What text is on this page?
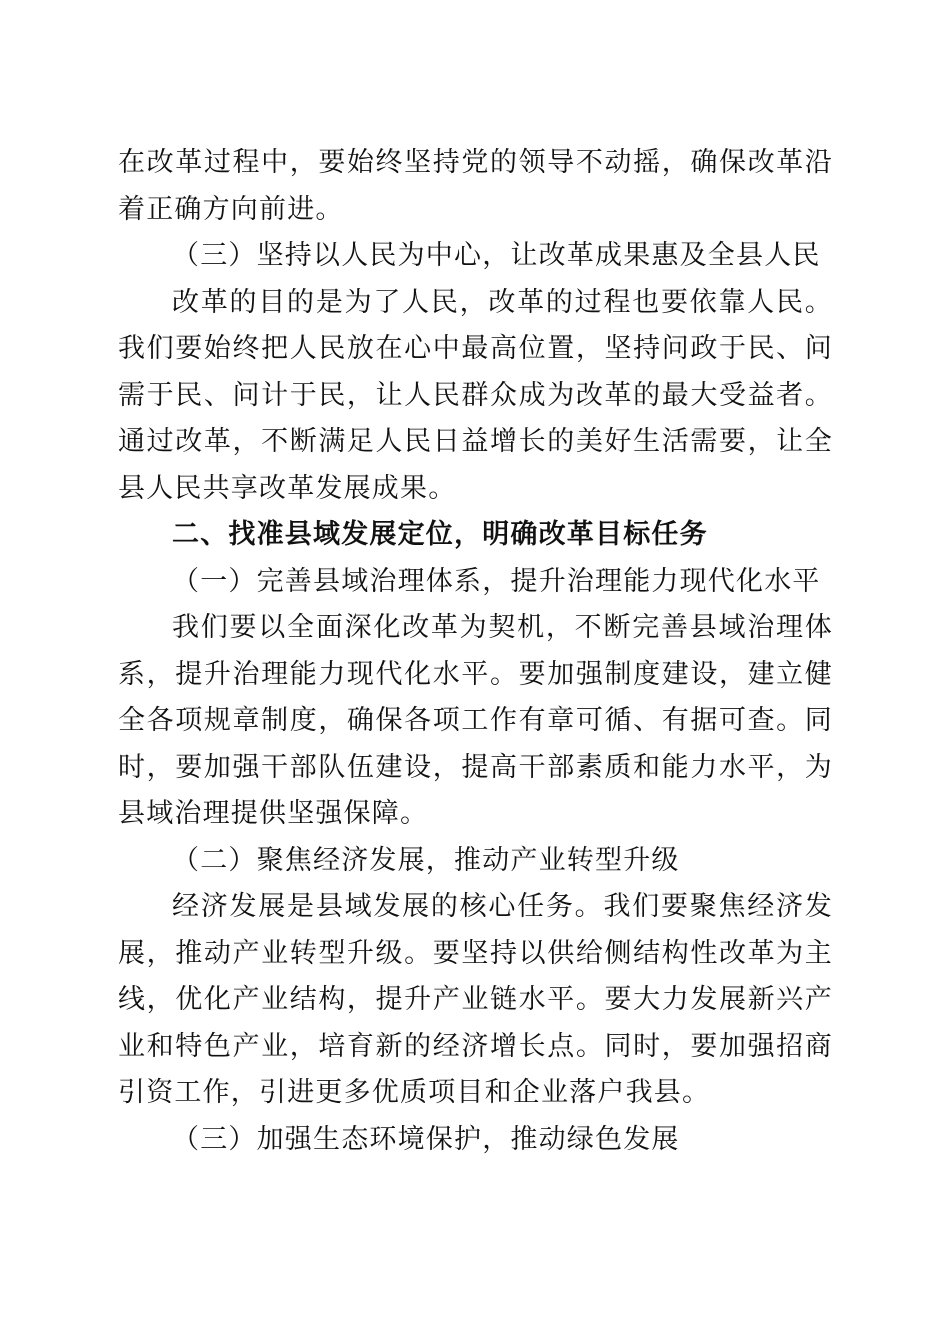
在改革过程中，要始终坚持党的领导不动摇，确保改革沿着正确方向前进。

（三）坚持以人民为中心，让改革成果惠及全县人民

改革的目的是为了人民，改革的过程也要依靠人民。我们要始终把人民放在心中最高位置，坚持问政于民、问需于民、问计于民，让人民群众成为改革的最大受益者。通过改革，不断满足人民日益增长的美好生活需要，让全县人民共享改革发展成果。

二、找准县域发展定位，明确改革目标任务

（一）完善县域治理体系，提升治理能力现代化水平

我们要以全面深化改革为契机，不断完善县域治理体系，提升治理能力现代化水平。要加强制度建设，建立健全各项规章制度，确保各项工作有章可循、有据可查。同时，要加强干部队伍建设，提高干部素质和能力水平，为县域治理提供坚强保障。

（二）聚焦经济发展，推动产业转型升级

经济发展是县域发展的核心任务。我们要聚焦经济发展，推动产业转型升级。要坚持以供给侧结构性改革为主线，优化产业结构，提升产业链水平。要大力发展新兴产业和特色产业，培育新的经济增长点。同时，要加强招商引资工作，引进更多优质项目和企业落户我县。

（三）加强生态环境保护，推动绿色发展
